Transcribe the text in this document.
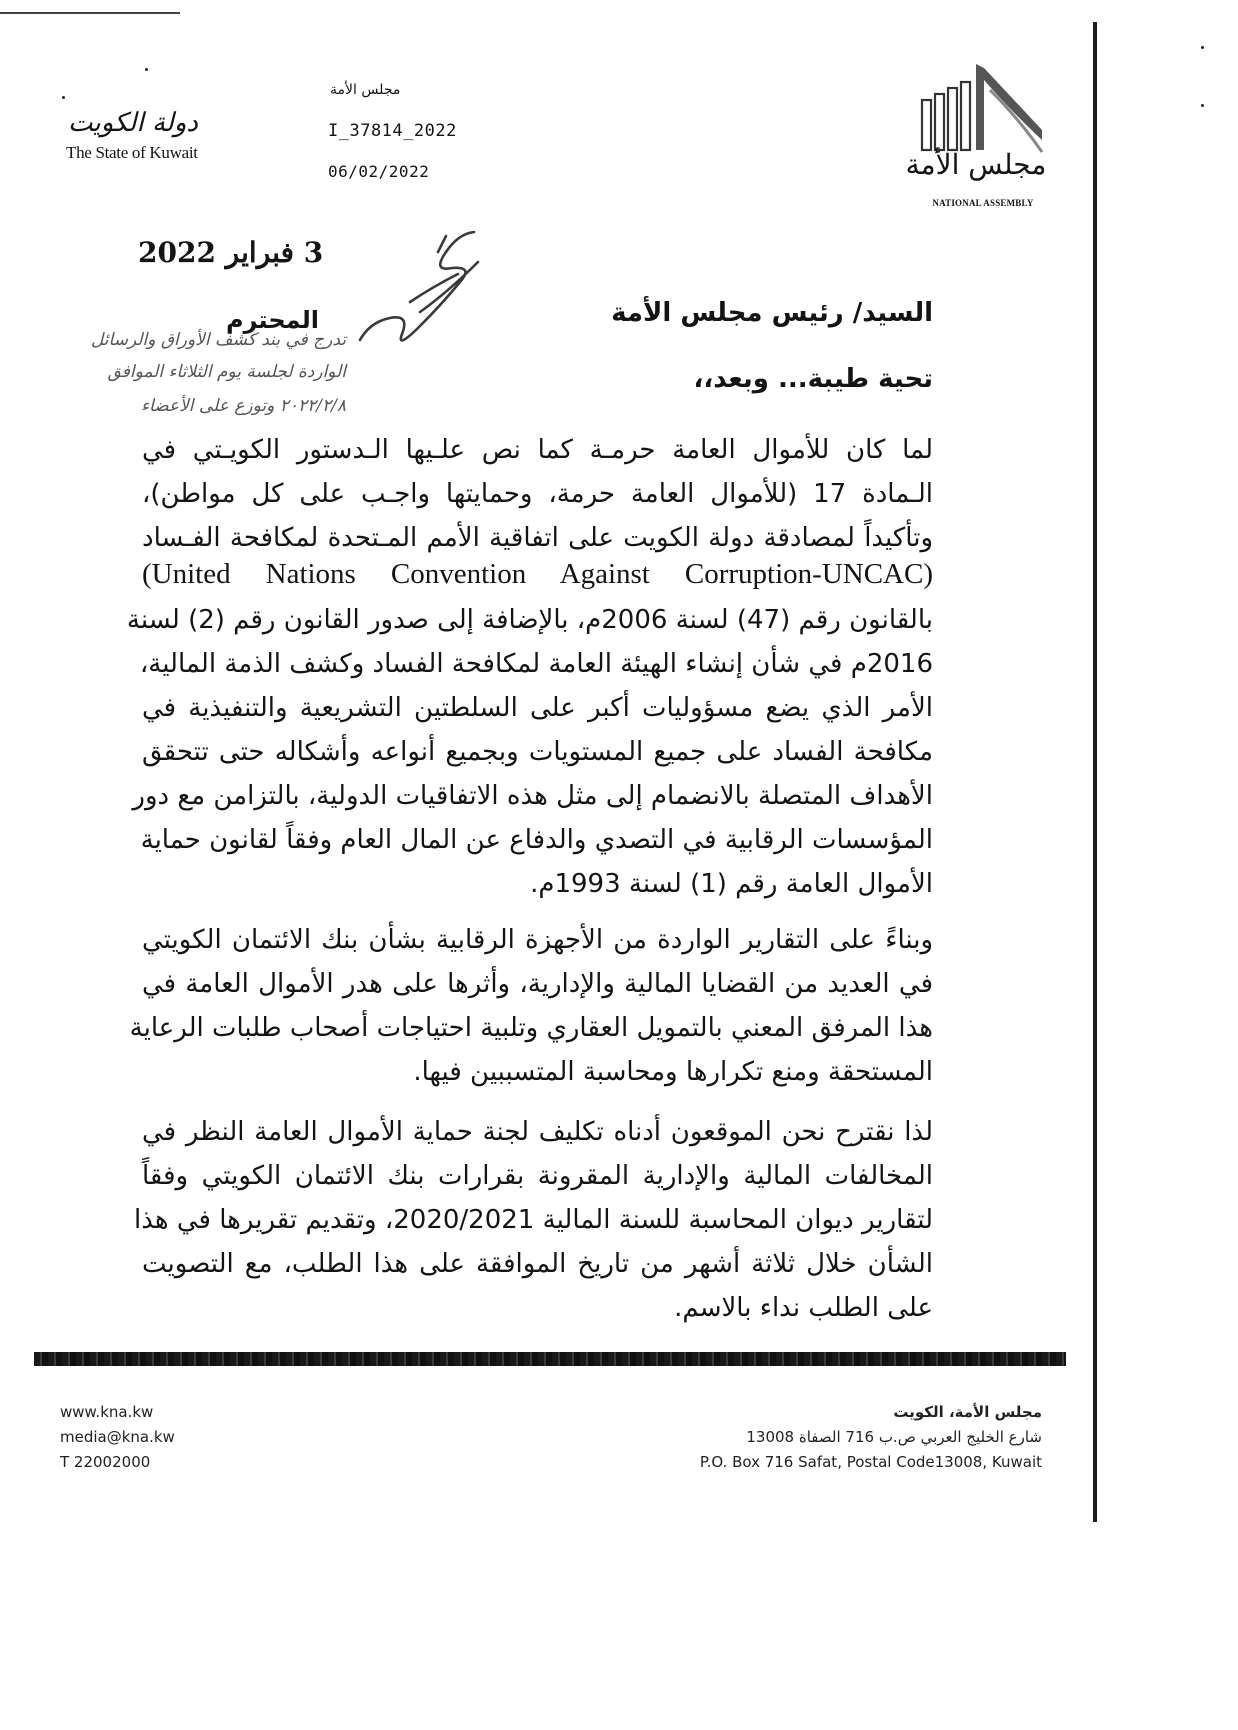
دولة الكويت
The State of Kuwait
مجلس الأمة
I_37814_2022
06/02/2022	مجلس الأمة
NATIONAL ASSEMBLY
3 فبراير 2022
السيد/ رئيس مجلس الأمة
المحترم
تدرج في بند كشف الأوراق والرسائل
الواردة لجلسة يوم الثلاثاء الموافق
٢٠٢٢/٢/٨ وتوزع على الأعضاء
تحية طيبة... وبعد،،
لما كان للأموال العامة حرمـة كما نص علـيها الـدستور الكويـتي في
الـمادة 17 (للأموال العامة حرمة، وحمايتها واجـب على كل مواطن)،
وتأكيداً لمصادقة دولة الكويت على اتفاقية الأمم المـتحدة لمكافحة الفـساد
(United Nations Convention Against Corruption-UNCAC)
بالقانون رقم (47) لسنة 2006م، بالإضافة إلى صدور القانون رقم (2) لسنة
2016م في شأن إنشاء الهيئة العامة لمكافحة الفساد وكشف الذمة المالية،
الأمر الذي يضع مسؤوليات أكبر على السلطتين التشريعية والتنفيذية في
مكافحة الفساد على جميع المستويات وبجميع أنواعه وأشكاله حتى تتحقق
الأهداف المتصلة بالانضمام إلى مثل هذه الاتفاقيات الدولية، بالتزامن مع دور
المؤسسات الرقابية في التصدي والدفاع عن المال العام وفقاً لقانون حماية
الأموال العامة رقم (1) لسنة 1993م.
وبناءً على التقارير الواردة من الأجهزة الرقابية بشأن بنك الائتمان الكويتي
في العديد من القضايا المالية والإدارية، وأثرها على هدر الأموال العامة في
هذا المرفق المعني بالتمويل العقاري وتلبية احتياجات أصحاب طلبات الرعاية
المستحقة ومنع تكرارها ومحاسبة المتسببين فيها.
لذا نقترح نحن الموقعون أدناه تكليف لجنة حماية الأموال العامة النظر في
المخالفات المالية والإدارية المقرونة بقرارات بنك الائتمان الكويتي وفقاً
لتقارير ديوان المحاسبة للسنة المالية 2020/2021، وتقديم تقريرها في هذا
الشأن خلال ثلاثة أشهر من تاريخ الموافقة على هذا الطلب، مع التصويت
على الطلب نداء بالاسم.
www.kna.kw
media@kna.kw
T 22002000
مجلس الأمة، الكويت
شارع الخليج العربي ص.ب 716 الصفاة 13008
P.O. Box 716 Safat, Postal Code13008, Kuwait
